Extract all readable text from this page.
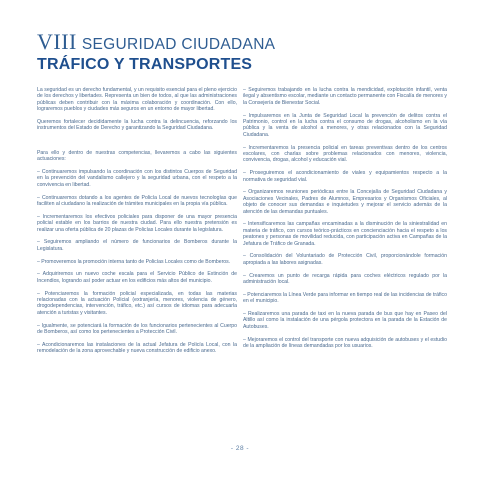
VIII SEGURIDAD CIUDADANA
TRÁFICO Y TRANSPORTES

La seguridad es un derecho fundamental, y un requisito esencial para el pleno ejercicio de los derechos y libertades. Representa un bien de todos, al que las administraciones públicas deben contribuir con la máxima colaboración y coordinación. Con ello, lograremos pueblos y ciudades más seguros en un entorno de mayor libertad.

Queremos fortalecer decididamente la lucha contra la delincuencia, reforzando los instrumentos del Estado de Derecho y garantizando la Seguridad Ciudadana.

Para ello y dentro de nuestras competencias, llevaremos a cabo las siguientes actuaciones:

– Continuaremos impulsando la coordinación con los distintos Cuerpos de Seguridad en la prevención del vandalismo callejero y la seguridad urbana, con el respeto a la convivencia en libertad.

– Continuaremos dotando a los agentes de Policía Local de nuevos tecnologías que faciliten al ciudadano la realización de trámites municipales en la propia vía pública.

– Incrementaremos los efectivos policiales para disponer de una mayor presencia policial estable en los barrios de nuestra ciudad. Para ello nuestra pretensión es realizar una oferta pública de 20 plazas de Policías Locales durante la legislatura.

– Seguiremos ampliando el número de funcionarios de Bomberos durante la Legislatura.

– Promoveremos la promoción interna tanto de Policías Locales como de Bomberos.

– Adquiriremos un nuevo coche escala para el Servicio Público de Extinción de Incendios, logrando así poder actuar en los edificios más altos del municipio.

– Potenciaremos la formación policial especializada, en todas las materias relacionadas con la actuación Policial (extranjería, menores, violencia de género, drogodependencias, intervención, tráfico, etc.) así cursos de idiomas para adecuarla atención a turistas y visitantes.

– Igualmente, se potenciará la formación de los funcionarios pertenecientes al Cuerpo de Bomberos, así como los pertenecientes a Protección Civil.

– Acondicionaremos las instalaciones de la actual Jefatura de Policía Local, con la remodelación de la zona aprovechable y nueva construcción de edificio anexo.

– Seguiremos trabajando en la lucha contra la mendicidad, explotación infantil, venta ilegal y absentismo escolar, mediante un contacto permanente con Fiscalía de menores y la Consejería de Bienestar Social.

– Impulsaremos en la Junta de Seguridad Local la prevención de delitos contra el Patrimonio, control en la lucha contra el consumo de drogas, alcoholismo en la vía pública y la venta de alcohol a menores, y otras relacionados con la Seguridad Ciudadana.

– Incrementaremos la presencia policial en tareas preventivas dentro de los centros escolares, con charlas sobre problemas relacionados con menores, violencia, convivencia, drogas, alcohol y educación vial.

– Proseguiremos el acondicionamiento de viales y equipamientos respecto a la normativa de seguridad vial.

– Organizaremos reuniones periódicas entre la Concejalía de Seguridad Ciudadana y Asociaciones Vecinales, Padres de Alumnos, Empresarios y Organismos Oficiales, al objeto de conocer sus demandas e inquietudes y mejorar el servicio además de la atención de las demandas puntuales.

– Intensificaremos las campañas encaminadas a la disminución de la siniestralidad en materia de tráfico, con cursos teórico-prácticos en concienciación hacia el respeto a los peatones y personas de movilidad reducida, con participación activa en Campañas de la Jefatura de Tráfico de Granada.

– Consolidación del Voluntariado de Protección Civil, proporcionándole formación apropiada a las labores asignadas.

– Crearemos un punto de recarga rápida para coches eléctricos regulado por la administración local.

– Potenciaremos la Línea Verde para informar en tiempo real de las incidencias de tráfico en el municipio.

– Realizaremos una parada de taxi en la nueva parada de bus que hay en Paseo del Altillo así como la instalación de una pérgola protectora en la parada de la Estación de Autobuses.

– Mejoraremos el control del transporte con nueva adquisición de autobuses y el estudio de la ampliación de líneas demandadas por los usuarios.

- 28 -
